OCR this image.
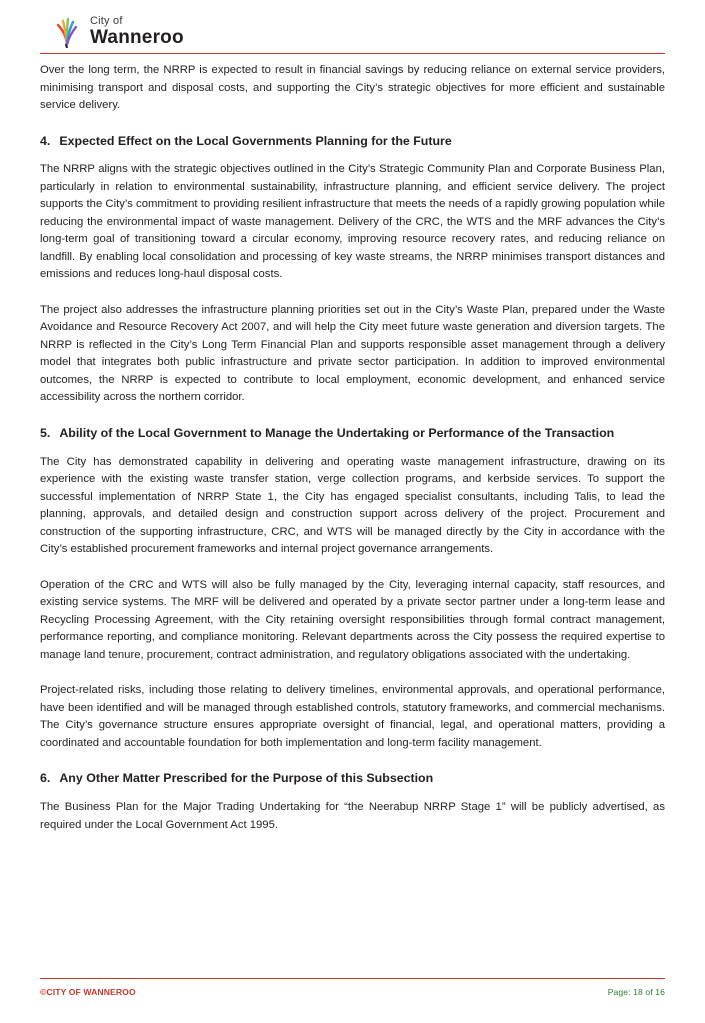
City of
Wanneroo

Over the long term, the NRRP is expected to result in financial savings by reducing reliance on external service providers, minimising transport and disposal costs, and supporting the City’s strategic objectives for more efficient and sustainable service delivery.

4. Expected Effect on the Local Governments Planning for the Future

The NRRP aligns with the strategic objectives outlined in the City’s Strategic Community Plan and Corporate Business Plan, particularly in relation to environmental sustainability, infrastructure planning, and efficient service delivery. The project supports the City’s commitment to providing resilient infrastructure that meets the needs of a rapidly growing population while reducing the environmental impact of waste management. Delivery of the CRC, the WTS and the MRF advances the City’s long-term goal of transitioning toward a circular economy, improving resource recovery rates, and reducing reliance on landfill. By enabling local consolidation and processing of key waste streams, the NRRP minimises transport distances and emissions and reduces long-haul disposal costs.

The project also addresses the infrastructure planning priorities set out in the City’s Waste Plan, prepared under the Waste Avoidance and Resource Recovery Act 2007, and will help the City meet future waste generation and diversion targets. The NRRP is reflected in the City’s Long Term Financial Plan and supports responsible asset management through a delivery model that integrates both public infrastructure and private sector participation. In addition to improved environmental outcomes, the NRRP is expected to contribute to local employment, economic development, and enhanced service accessibility across the northern corridor.

5. Ability of the Local Government to Manage the Undertaking or Performance of the Transaction

The City has demonstrated capability in delivering and operating waste management infrastructure, drawing on its experience with the existing waste transfer station, verge collection programs, and kerbside services. To support the successful implementation of NRRP State 1, the City has engaged specialist consultants, including Talis, to lead the planning, approvals, and detailed design and construction support across delivery of the project. Procurement and construction of the supporting infrastructure, CRC, and WTS will be managed directly by the City in accordance with the City’s established procurement frameworks and internal project governance arrangements.

Operation of the CRC and WTS will also be fully managed by the City, leveraging internal capacity, staff resources, and existing service systems. The MRF will be delivered and operated by a private sector partner under a long-term lease and Recycling Processing Agreement, with the City retaining oversight responsibilities through formal contract management, performance reporting, and compliance monitoring. Relevant departments across the City possess the required expertise to manage land tenure, procurement, contract administration, and regulatory obligations associated with the undertaking.

Project-related risks, including those relating to delivery timelines, environmental approvals, and operational performance, have been identified and will be managed through established controls, statutory frameworks, and commercial mechanisms. The City’s governance structure ensures appropriate oversight of financial, legal, and operational matters, providing a coordinated and accountable foundation for both implementation and long-term facility management.

6. Any Other Matter Prescribed for the Purpose of this Subsection

The Business Plan for the Major Trading Undertaking for “the Neerabup NRRP Stage 1” will be publicly advertised, as required under the Local Government Act 1995.

©CITY OF WANNEROO	Page: 18 of 16
